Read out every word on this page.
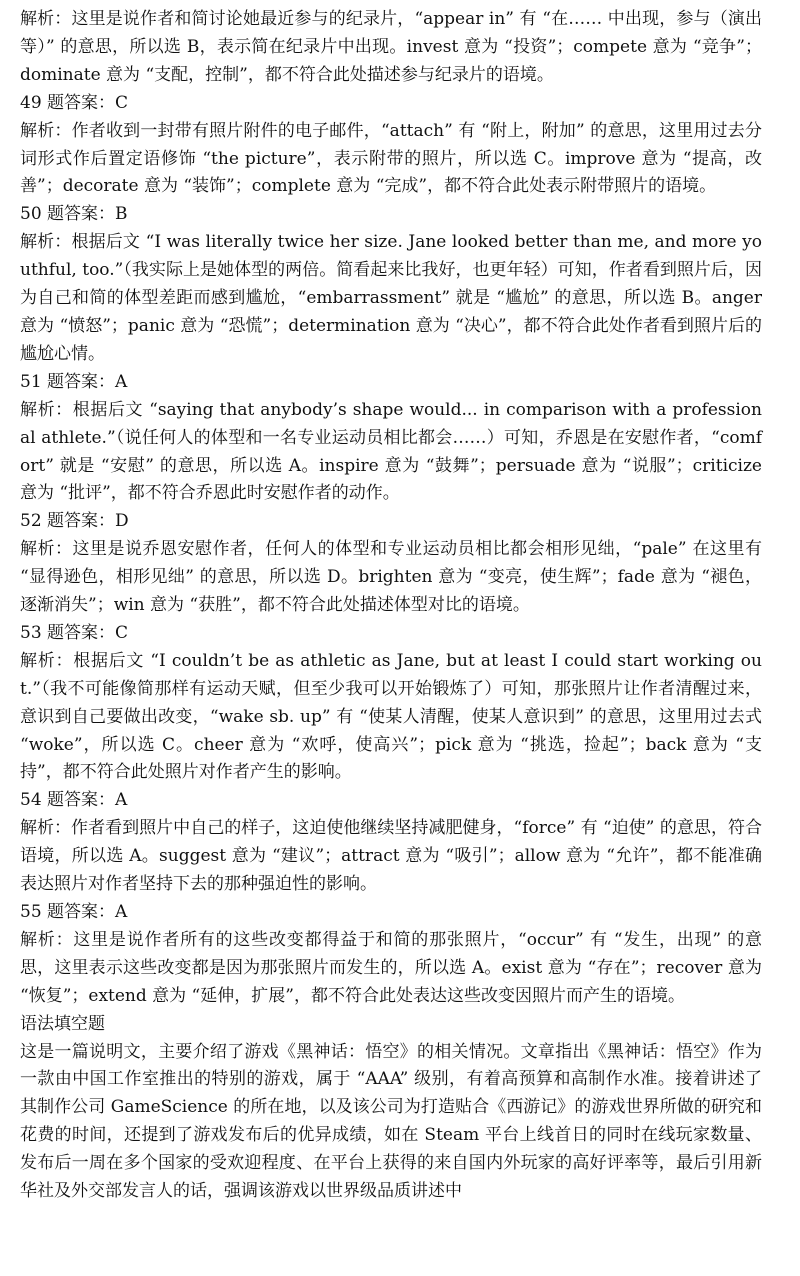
解析：这里是说作者和简讨论她最近参与的纪录片，“appear in” 有 “在…… 中出现，参与（演出等）” 的意思，所以选 B，表示简在纪录片中出现。invest 意为 “投资”；compete 意为 “竞争”；dominate 意为 “支配，控制”，都不符合此处描述参与纪录片的语境。

49 题答案：C

解析：作者收到一封带有照片附件的电子邮件，“attach” 有 “附上，附加” 的意思，这里用过去分词形式作后置定语修饰 “the picture”，表示附带的照片，所以选 C。improve 意为 “提高，改善”；decorate 意为 “装饰”；complete 意为 “完成”，都不符合此处表示附带照片的语境。

50 题答案：B

解析：根据后文 “I was literally twice her size. Jane looked better than me, and more youthful, too.”（我实际上是她体型的两倍。简看起来比我好，也更年轻）可知，作者看到照片后，因为自己和简的体型差距而感到尴尬，“embarrassment” 就是 “尴尬” 的意思，所以选 B。anger 意为 “愤怒”；panic 意为 “恐慌”；determination 意为 “决心”，都不符合此处作者看到照片后的尴尬心情。

51 题答案：A

解析：根据后文 “saying that anybody’s shape would... in comparison with a professional athlete.”（说任何人的体型和一名专业运动员相比都会……）可知，乔恩是在安慰作者，“comfort” 就是 “安慰” 的意思，所以选 A。inspire 意为 “鼓舞”；persuade 意为 “说服”；criticize 意为 “批评”，都不符合乔恩此时安慰作者的动作。

52 题答案：D

解析：这里是说乔恩安慰作者，任何人的体型和专业运动员相比都会相形见绌，“pale” 在这里有 “显得逊色，相形见绌” 的意思，所以选 D。brighten 意为 “变亮，使生辉”；fade 意为 “褪色，逐渐消失”；win 意为 “获胜”，都不符合此处描述体型对比的语境。

53 题答案：C

解析：根据后文 “I couldn’t be as athletic as Jane, but at least I could start working out.”（我不可能像简那样有运动天赋，但至少我可以开始锻炼了）可知，那张照片让作者清醒过来，意识到自己要做出改变，“wake sb. up” 有 “使某人清醒，使某人意识到” 的意思，这里用过去式 “woke”，所以选 C。cheer 意为 “欢呼，使高兴”；pick 意为 “挑选，捡起”；back 意为 “支持”，都不符合此处照片对作者产生的影响。

54 题答案：A

解析：作者看到照片中自己的样子，这迫使他继续坚持减肥健身，“force” 有 “迫使” 的意思，符合语境，所以选 A。suggest 意为 “建议”；attract 意为 “吸引”；allow 意为 “允许”，都不能准确表达照片对作者坚持下去的那种强迫性的影响。

55 题答案：A

解析：这里是说作者所有的这些改变都得益于和简的那张照片，“occur” 有 “发生，出现” 的意思，这里表示这些改变都是因为那张照片而发生的，所以选 A。exist 意为 “存在”；recover 意为 “恢复”；extend 意为 “延伸，扩展”，都不符合此处表达这些改变因照片而产生的语境。

语法填空题

这是一篇说明文，主要介绍了游戏《黑神话：悟空》的相关情况。文章指出《黑神话：悟空》作为一款由中国工作室推出的特别的游戏，属于 “AAA” 级别，有着高预算和高制作水准。接着讲述了其制作公司 GameScience 的所在地，以及该公司为打造贴合《西游记》的游戏世界所做的研究和花费的时间，还提到了游戏发布后的优异成绩，如在 Steam 平台上线首日的同时在线玩家数量、发布后一周在多个国家的受欢迎程度、在平台上获得的来自国内外玩家的高好评率等，最后引用新华社及外交部发言人的话，强调该游戏以世界级品质讲述中
